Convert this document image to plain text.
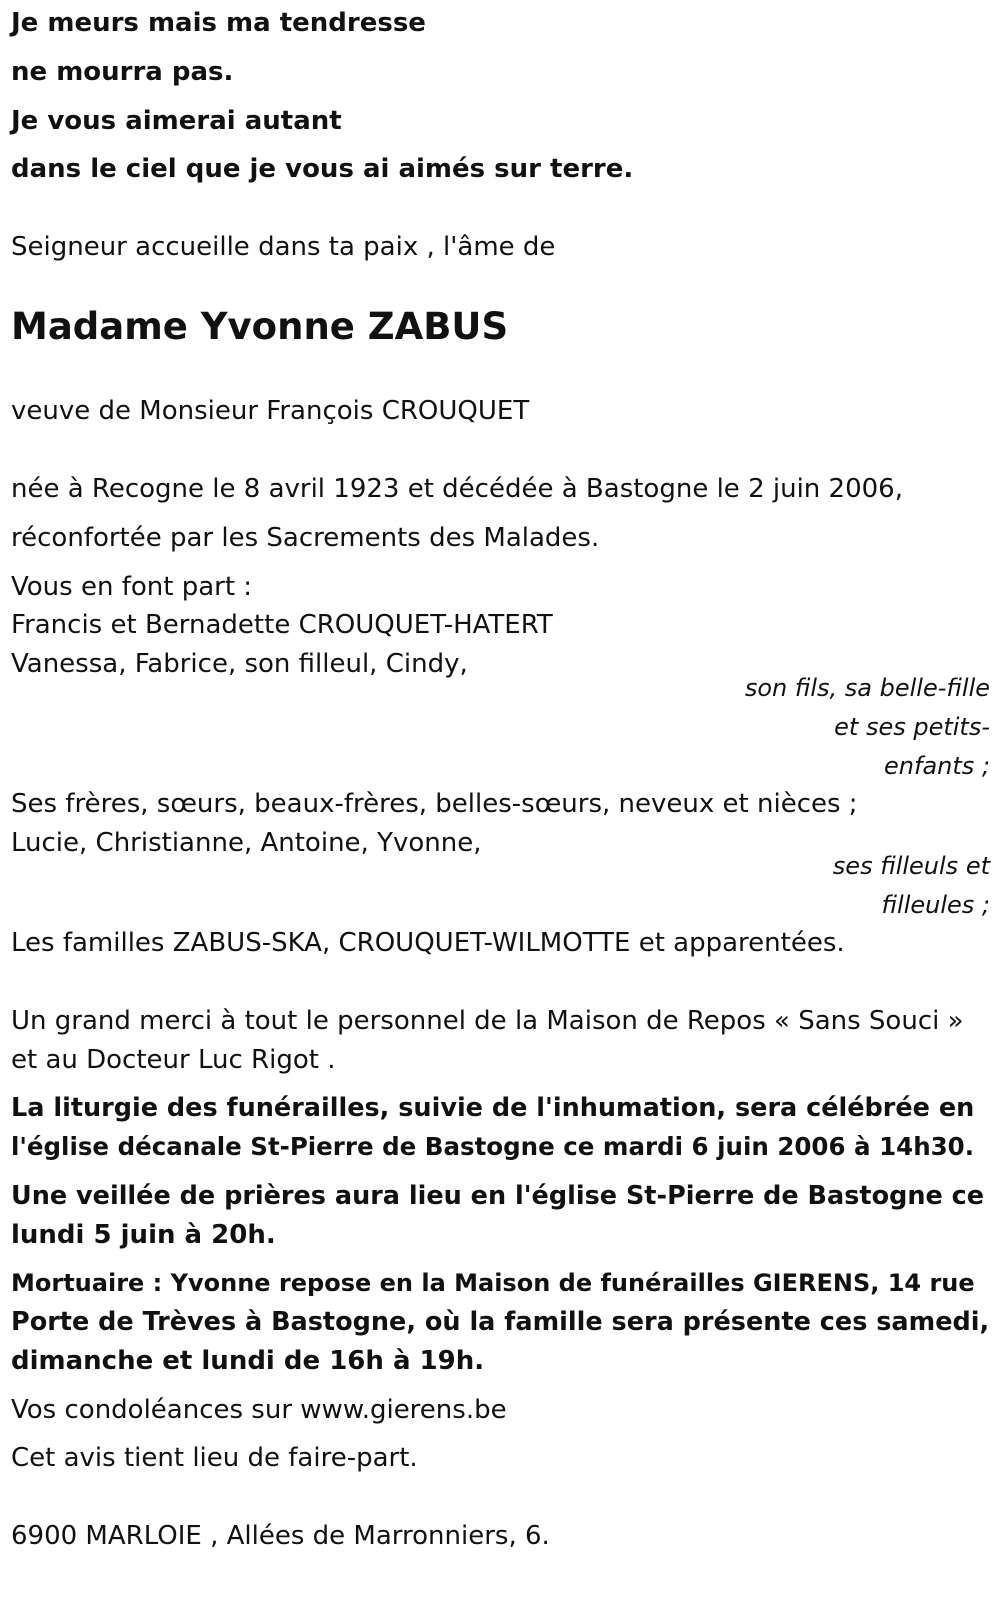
Je meurs mais ma tendresse
ne mourra pas.
Je vous aimerai autant
dans le ciel que je vous ai aimés sur terre.
Seigneur accueille dans ta paix , l'âme de
Madame Yvonne ZABUS
veuve de Monsieur François CROUQUET
née à Recogne le 8 avril 1923 et décédée à Bastogne le 2 juin 2006,
réconfortée par les Sacrements des Malades.
Vous en font part :
Francis et Bernadette CROUQUET-HATERT
Vanessa, Fabrice, son filleul, Cindy,
son fils, sa belle-fille
et ses petits-
enfants ;
Ses frères, sœurs, beaux-frères, belles-sœurs, neveux et nièces ;
Lucie, Christianne, Antoine, Yvonne,
ses filleuls et
filleules ;
Les familles ZABUS-SKA, CROUQUET-WILMOTTE et apparentées.
Un grand merci à tout le personnel de la Maison de Repos « Sans Souci »
et au Docteur Luc Rigot .
La liturgie des funérailles, suivie de l'inhumation, sera célébrée en
l'église décanale St-Pierre de Bastogne ce mardi 6 juin 2006 à 14h30.
Une veillée de prières aura lieu en l'église St-Pierre de Bastogne ce
lundi 5 juin à 20h.
Mortuaire : Yvonne repose en la Maison de funérailles GIERENS, 14 rue
Porte de Trèves à Bastogne, où la famille sera présente ces samedi,
dimanche et lundi de 16h à 19h.
Vos condoléances sur www.gierens.be
Cet avis tient lieu de faire-part.
6900 MARLOIE , Allées de Marronniers, 6.
